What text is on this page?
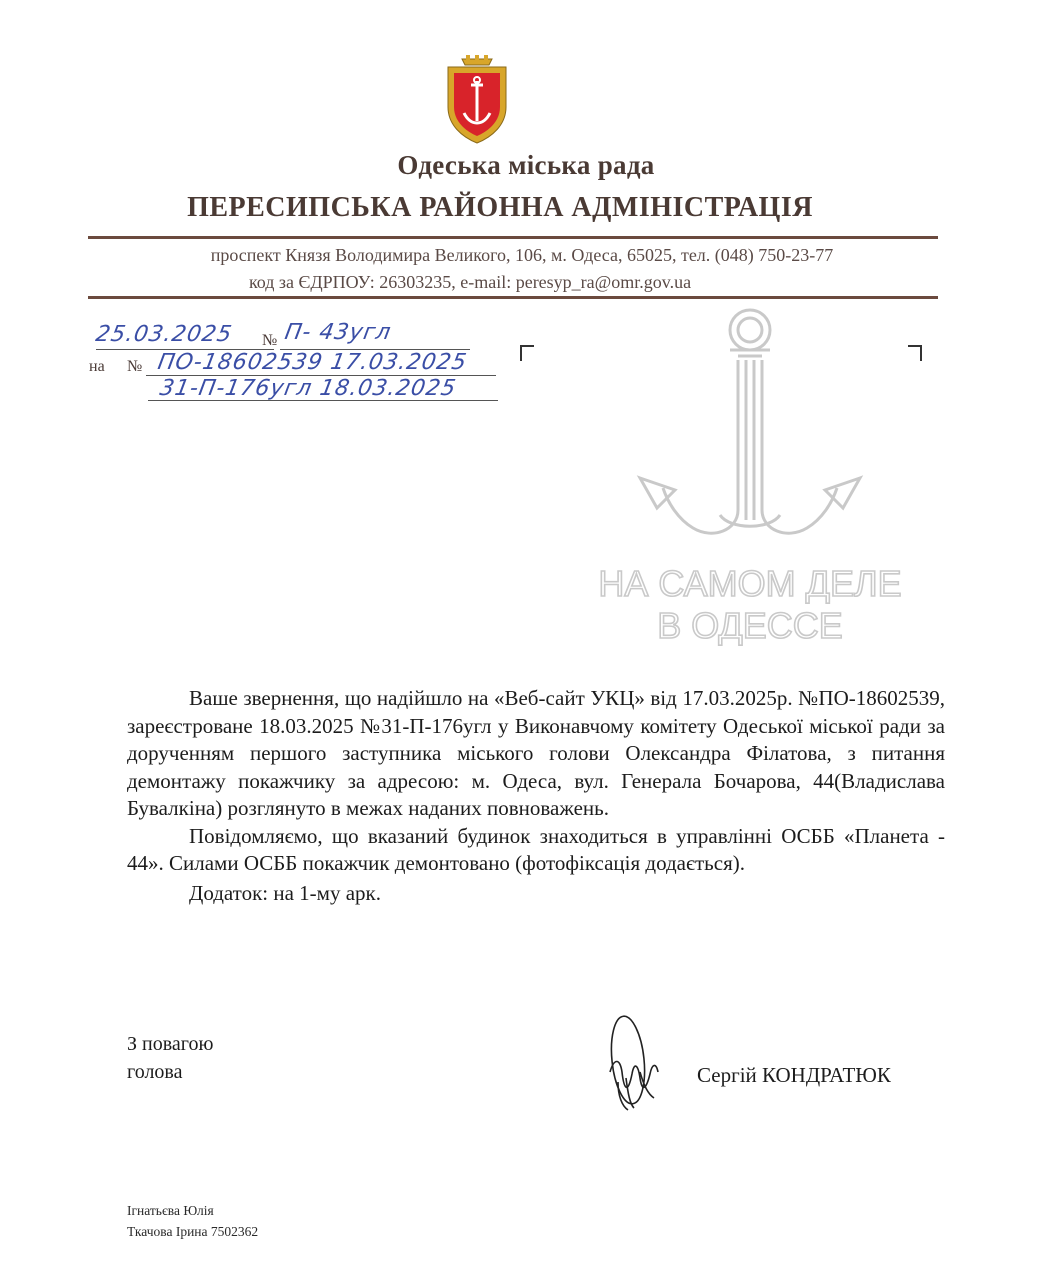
Одеська міська рада
ПЕРЕСИПСЬКА РАЙОННА АДМІНІСТРАЦІЯ
проспект Князя Володимира Великого, 106, м. Одеса, 65025, тел. (048) 750-23-77
код за ЄДРПОУ: 26303235, e-mail: peresyp_ra@omr.gov.ua
25.03.2025 № П- 43угл
на № ПО-18602539 17.03.2025
31-П-176угл 18.03.2025
НА САМОМ ДЕЛЕ
В ОДЕССЕ

Ваше звернення, що надійшло на «Веб-сайт УКЦ» від 17.03.2025р. №ПО-18602539, зареєстроване 18.03.2025 №31-П-176угл у Виконавчому комітету Одеської міської ради за дорученням першого заступника міського голови Олександра Філатова, з питання демонтажу покажчику за адресою: м. Одеса, вул. Генерала Бочарова, 44(Владислава Бувалкіна) розглянуто в межах наданих повноважень.

Повідомляємо, що вказаний будинок знаходиться в управлінні ОСББ «Планета - 44». Силами ОСББ покажчик демонтовано (фотофіксація додається).

Додаток: на 1-му арк.

З повагою
голова	Сергій КОНДРАТЮК
Ігнатьєва Юлія
Ткачова Ірина 7502362
